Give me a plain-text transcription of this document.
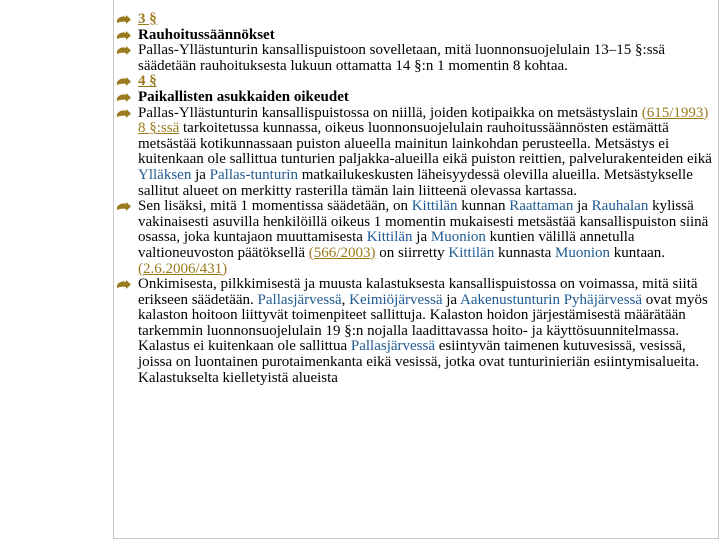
3 §
Rauhoitussäännökset
Pallas-Yllästunturin kansallispuistoon sovelletaan, mitä luonnonsuojelulain 13–15 §:ssä säädetään rauhoituksesta lukuun ottamatta 14 §:n 1 momentin 8 kohtaa.
4 §
Paikallisten asukkaiden oikeudet
Pallas-Yllästunturin kansallispuistossa on niillä, joiden kotipaikka on metsästyslain (615/1993) 8 §:ssä tarkoitetussa kunnassa, oikeus luonnonsuojelulain rauhoitussäännösten estämättä metsästää kotikunnassaan puiston alueella mainitun lainkohdan perusteella. Metsästys ei kuitenkaan ole sallittua tunturien paljakka-alueilla eikä puiston reittien, palvelurakenteiden eikä Ylläksen ja Pallas-tunturin matkailukeskusten läheisyydessä olevilla alueilla. Metsästykselle sallitut alueet on merkitty rasterilla tämän lain liitteenä olevassa kartassa.
Sen lisäksi, mitä 1 momentissa säädetään, on Kittilän kunnan Raattaman ja Rauhalan kylissä vakinaisesti asuvilla henkilöillä oikeus 1 momentin mukaisesti metsästää kansallispuiston siinä osassa, joka kuntajaon muuttamisesta Kittilän ja Muonion kuntien välillä annetulla valtioneuvoston päätöksellä (566/2003) on siirretty Kittilän kunnasta Muonion kuntaan. (2.6.2006/431)
Onkimisesta, pilkkimisestä ja muusta kalastuksesta kansallispuistossa on voimassa, mitä siitä erikseen säädetään. Pallasjärvessä, Keimiöjärvessä ja Aakenustunturin Pyhäjärvessä ovat myös kalaston hoitoon liittyvät toimenpiteet sallittuja. Kalaston hoidon järjestämisestä määrätään tarkemmin luonnonsuojelulain 19 §:n nojalla laadittavassa hoito- ja käyttösuunnitelmassa. Kalastus ei kuitenkaan ole sallittua Pallasjärvessä esiintyvän taimenen kutuvesissä, vesissä, joissa on luontainen purotaimenkanta eikä vesissä, jotka ovat tunturinieriän esiintymisalueita. Kalastukselta kielletyistä alueista
